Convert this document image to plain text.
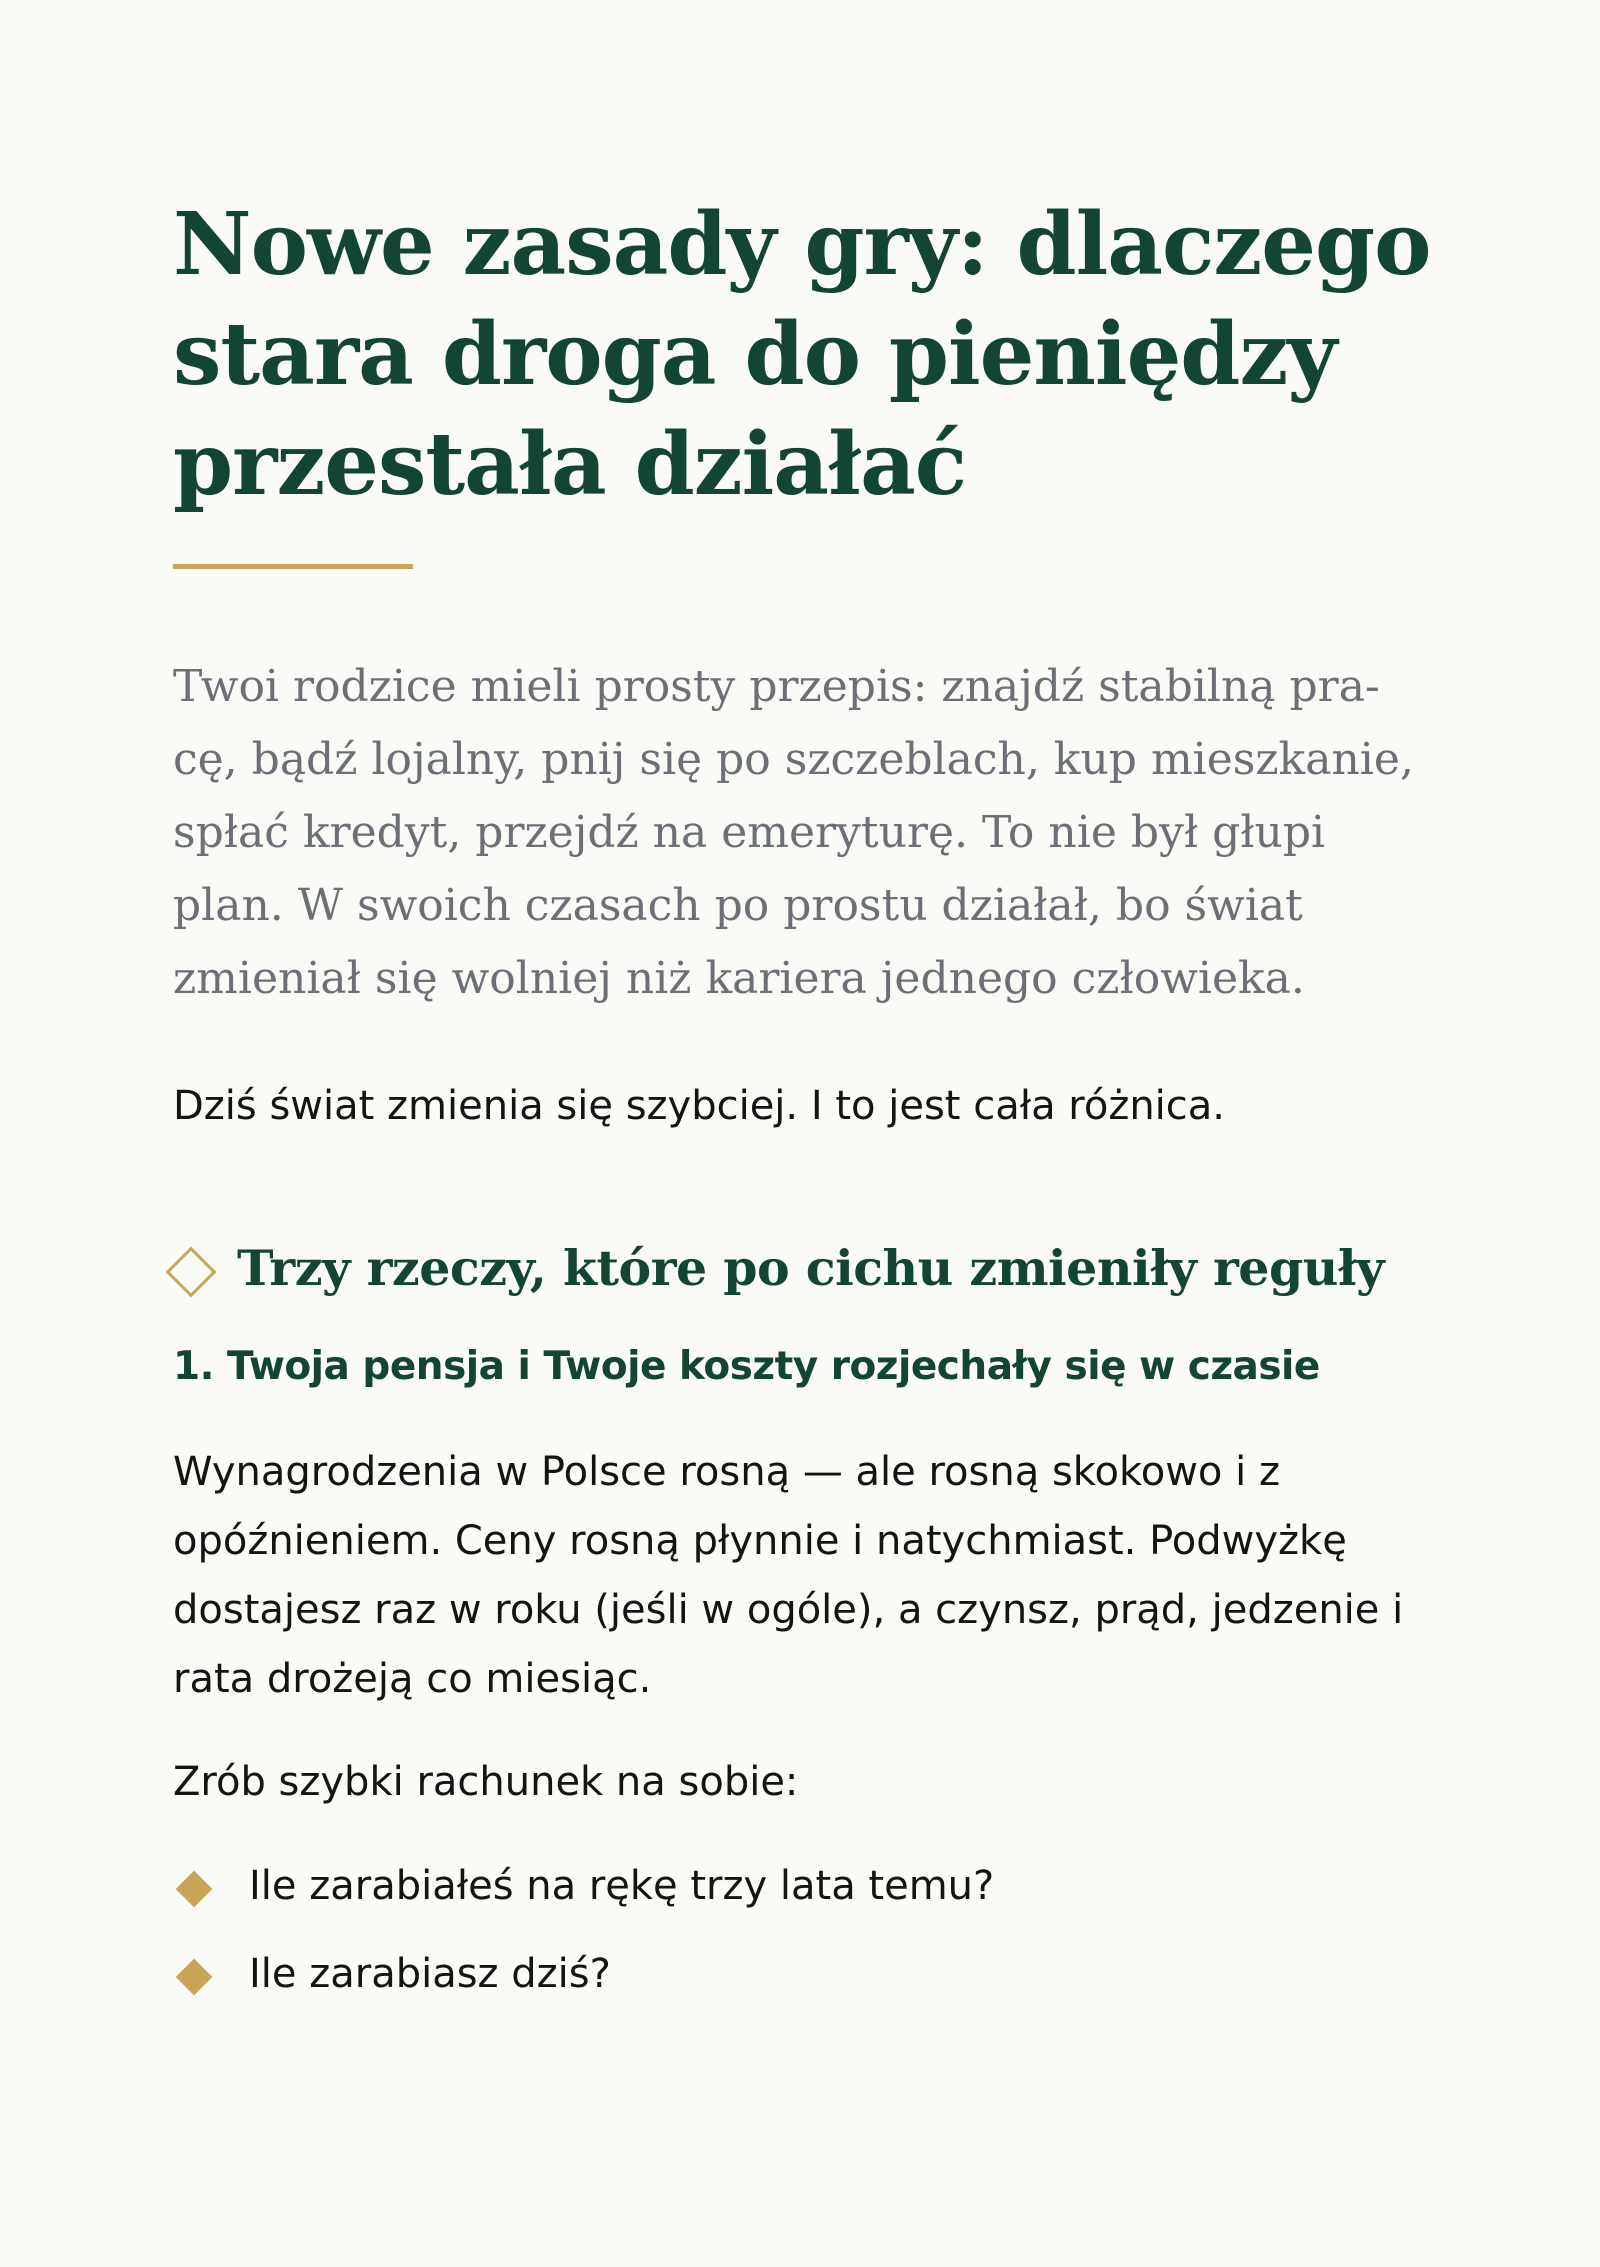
Nowe zasady gry: dlaczego
stara droga do pieniędzy
przestała działać

Twoi rodzice mieli prosty przepis: znajdź stabilną pra-
cę, bądź lojalny, pnij się po szczeblach, kup mieszkanie,
spłać kredyt, przejdź na emeryturę. To nie był głupi
plan. W swoich czasach po prostu działał, bo świat
zmieniał się wolniej niż kariera jednego człowieka.

Dziś świat zmienia się szybciej. I to jest cała różnica.

Trzy rzeczy, które po cichu zmieniły reguły
1. Twoja pensja i Twoje koszty rozjechały się w czasie

Wynagrodzenia w Polsce rosną — ale rosną skokowo i z
opóźnieniem. Ceny rosną płynnie i natychmiast. Podwyżkę
dostajesz raz w roku (jeśli w ogóle), a czynsz, prąd, jedzenie i
rata drożeją co miesiąc.

Zrób szybki rachunek na sobie:

Ile zarabiałeś na rękę trzy lata temu?
Ile zarabiasz dziś?
